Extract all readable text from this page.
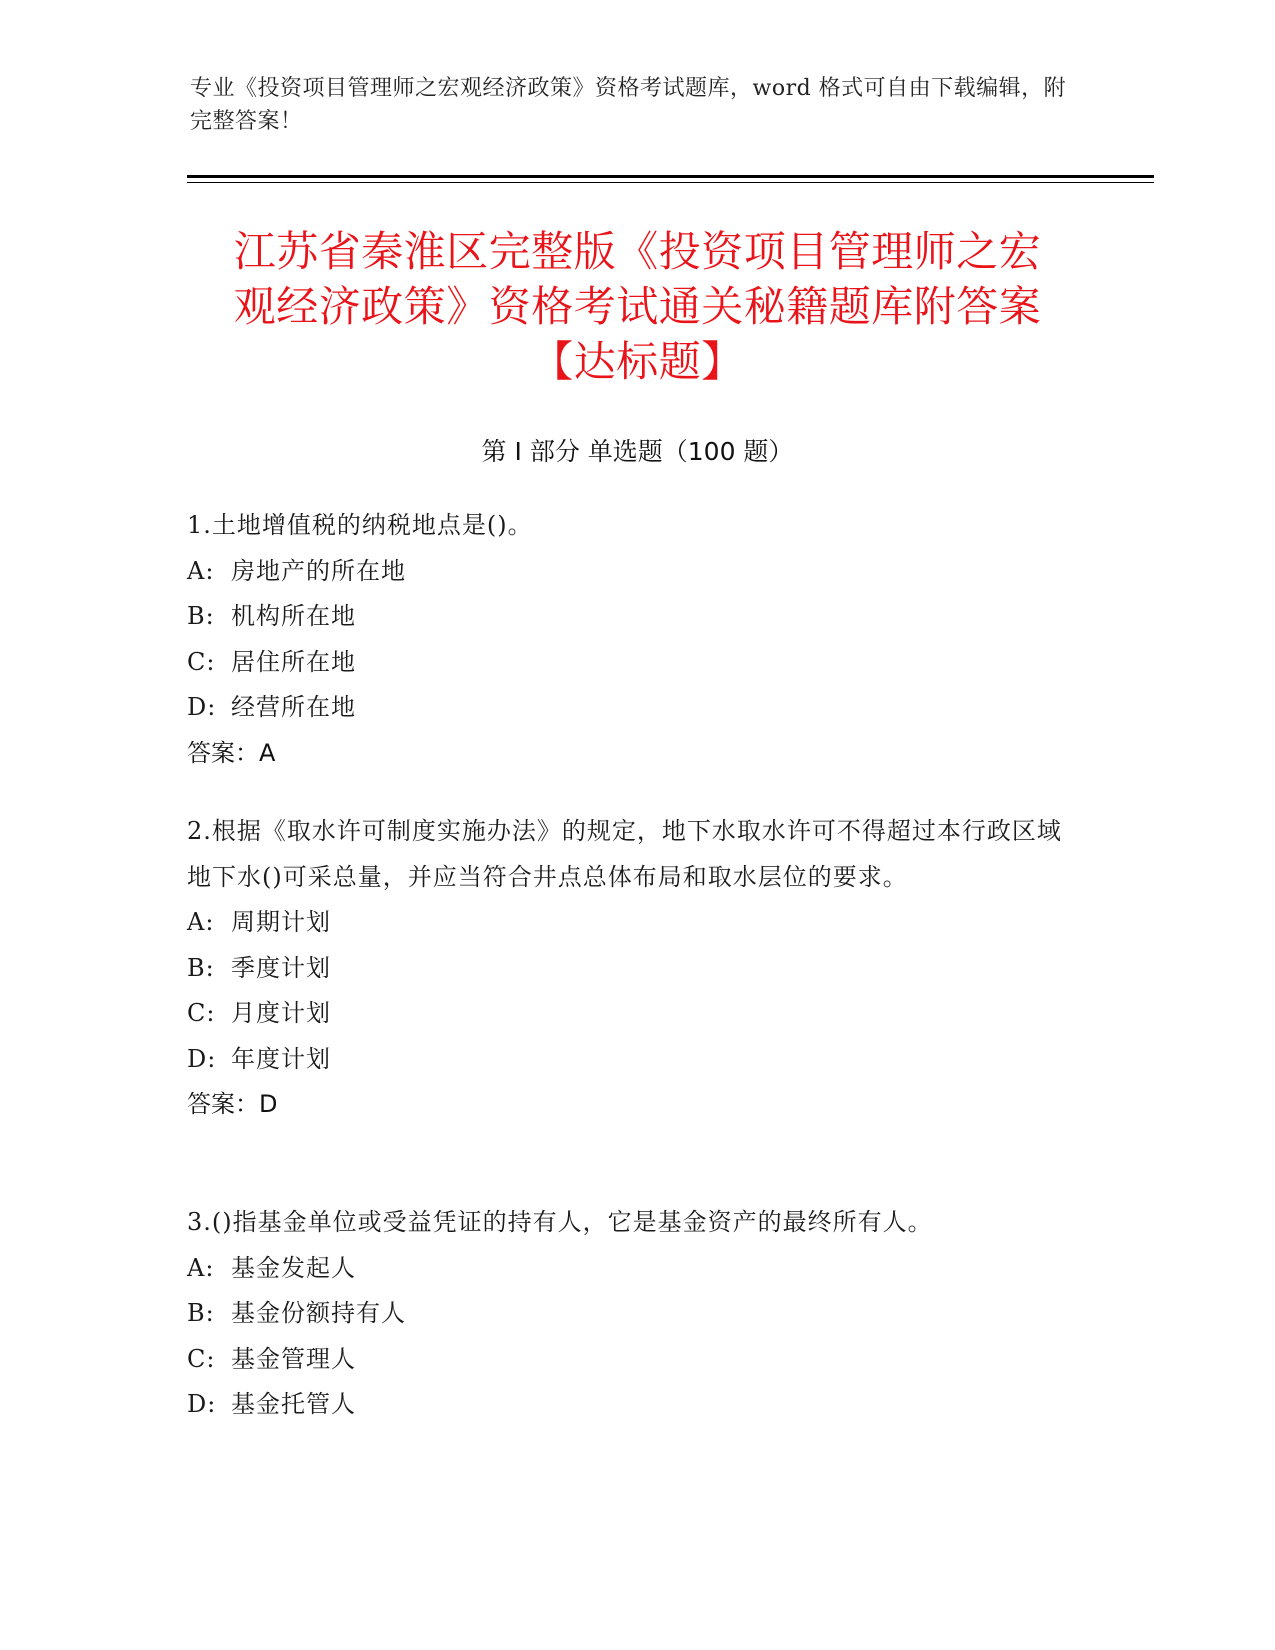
专业《投资项目管理师之宏观经济政策》资格考试题库，word 格式可自由下载编辑，附完整答案！
江苏省秦淮区完整版《投资项目管理师之宏
观经济政策》资格考试通关秘籍题库附答案
【达标题】
第 I 部分 单选题（100 题）
1.土地增值税的纳税地点是()。
A: 房地产的所在地
B: 机构所在地
C: 居住所在地
D: 经营所在地
答案：A
2.根据《取水许可制度实施办法》的规定，地下水取水许可不得超过本行政区域地下水()可采总量，并应当符合井点总体布局和取水层位的要求。
A: 周期计划
B: 季度计划
C: 月度计划
D: 年度计划
答案：D
3.()指基金单位或受益凭证的持有人，它是基金资产的最终所有人。
A: 基金发起人
B: 基金份额持有人
C: 基金管理人
D: 基金托管人
